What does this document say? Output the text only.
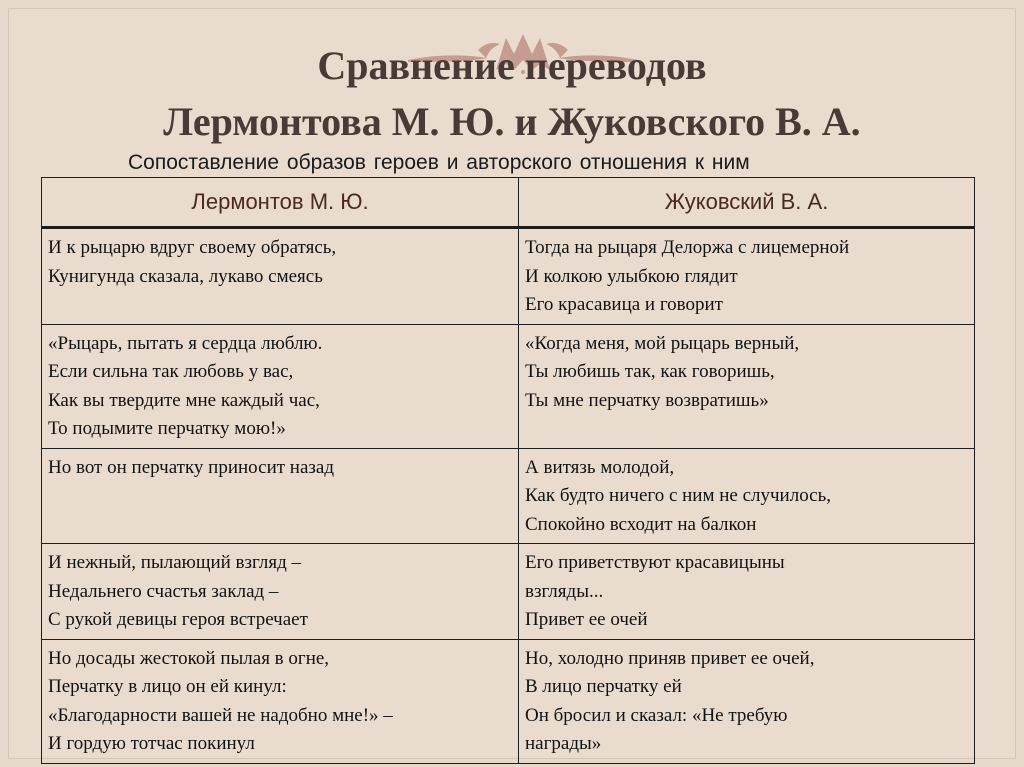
Сравнение переводов
Лермонтова М. Ю. и Жуковского В. А.
Сопоставление образов героев и авторского отношения к ним
Лермонтов М. Ю.	Жуковский В. А.

И к рыцарю вдруг своему обратясь,
Кунигунда сказала, лукаво смеясь	Тогда на рыцаря Делоржа с лицемерной
И колкою улыбкою глядит
Его красавица и говорит

«Рыцарь, пытать я сердца люблю.
Если сильна так любовь у вас,
Как вы твердите мне каждый час,
То подымите перчатку мою!»	«Когда меня, мой рыцарь верный,
Ты любишь так, как говоришь,
Ты мне перчатку возвратишь»

Но вот он перчатку приносит назад	А витязь молодой,
Как будто ничего с ним не случилось,
Спокойно всходит на балкон

И нежный, пылающий взгляд –
Недальнего счастья заклад –
С рукой девицы героя встречает	Его приветствуют красавицыны
взгляды...
Привет ее очей

Но досады жестокой пылая в огне,
Перчатку в лицо он ей кинул:
«Благодарности вашей не надобно мне!» –
И гордую тотчас покинул	Но, холодно приняв привет ее очей,
В лицо перчатку ей
Он бросил и сказал: «Не требую
награды»
